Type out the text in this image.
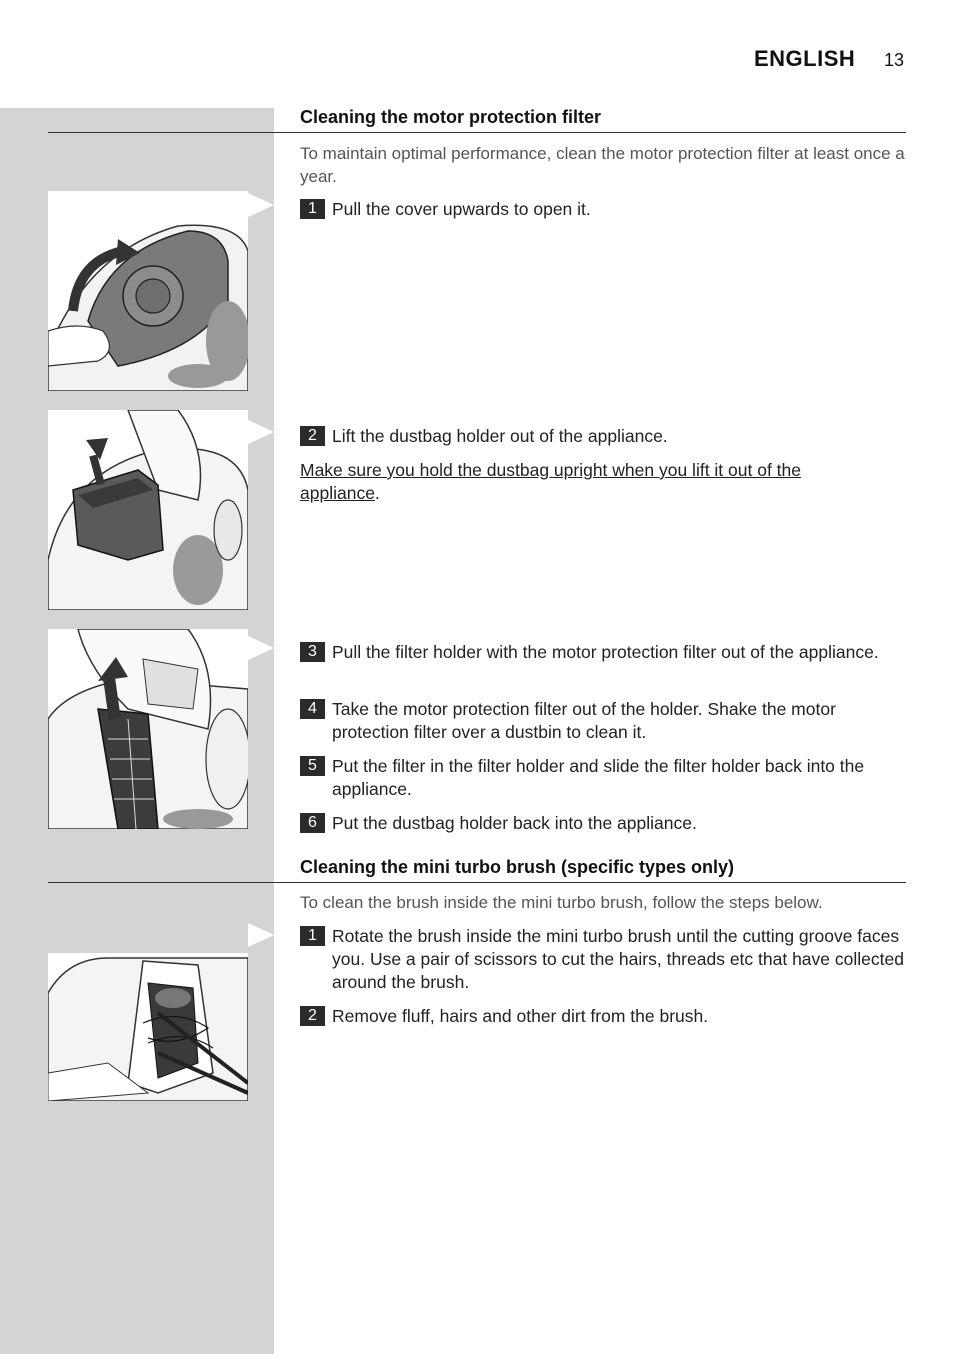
ENGLISH 13
Cleaning the motor protection filter
To maintain optimal performance, clean the motor protection filter at least once a year.
1 Pull the cover upwards to open it.
2 Lift the dustbag holder out of the appliance.
Make sure you hold the dustbag upright when you lift it out of the appliance.
3 Pull the filter holder with the motor protection filter out of the appliance.
4 Take the motor protection filter out of the holder. Shake the motor protection filter over a dustbin to clean it.
5 Put the filter in the filter holder and slide the filter holder back into the appliance.
6 Put the dustbag holder back into the appliance.
Cleaning the mini turbo brush (specific types only)
To clean the brush inside the mini turbo brush, follow the steps below.
1 Rotate the brush inside the mini turbo brush until the cutting groove faces you. Use a pair of scissors to cut the hairs, threads etc that have collected around the brush.
2 Remove fluff, hairs and other dirt from the brush.
